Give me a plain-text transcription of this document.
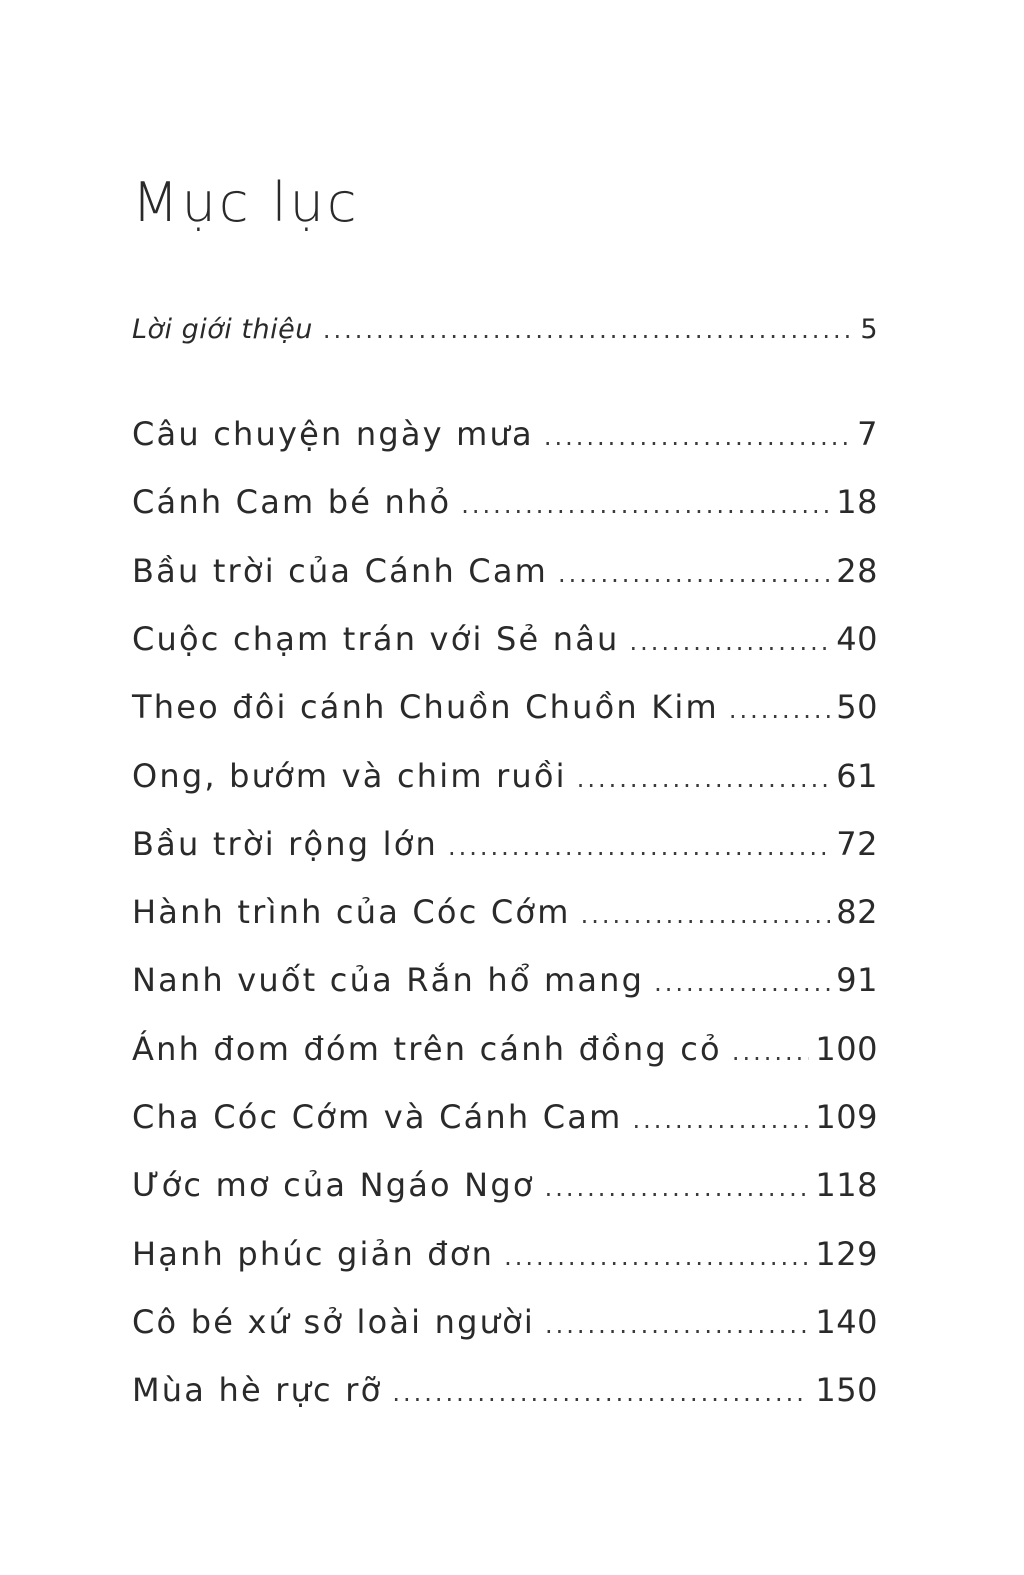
Mục lục
Lời giới thiệu .....	5
Câu chuyện ngày mưa .....	7
Cánh Cam bé nhỏ .....	18
Bầu trời của Cánh Cam .....	28
Cuộc chạm trán với Sẻ nâu .....	40
Theo đôi cánh Chuồn Chuồn Kim .....	50
Ong, bướm và chim ruồi .....	61
Bầu trời rộng lớn .....	72
Hành trình của Cóc Cớm .....	82
Nanh vuốt của Rắn hổ mang .....	91
Ánh đom đóm trên cánh đồng cỏ .....	100
Cha Cóc Cớm và Cánh Cam .....	109
Ước mơ của Ngáo Ngơ .....	118
Hạnh phúc giản đơn .....	129
Cô bé xứ sở loài người .....	140
Mùa hè rực rỡ .....	150
